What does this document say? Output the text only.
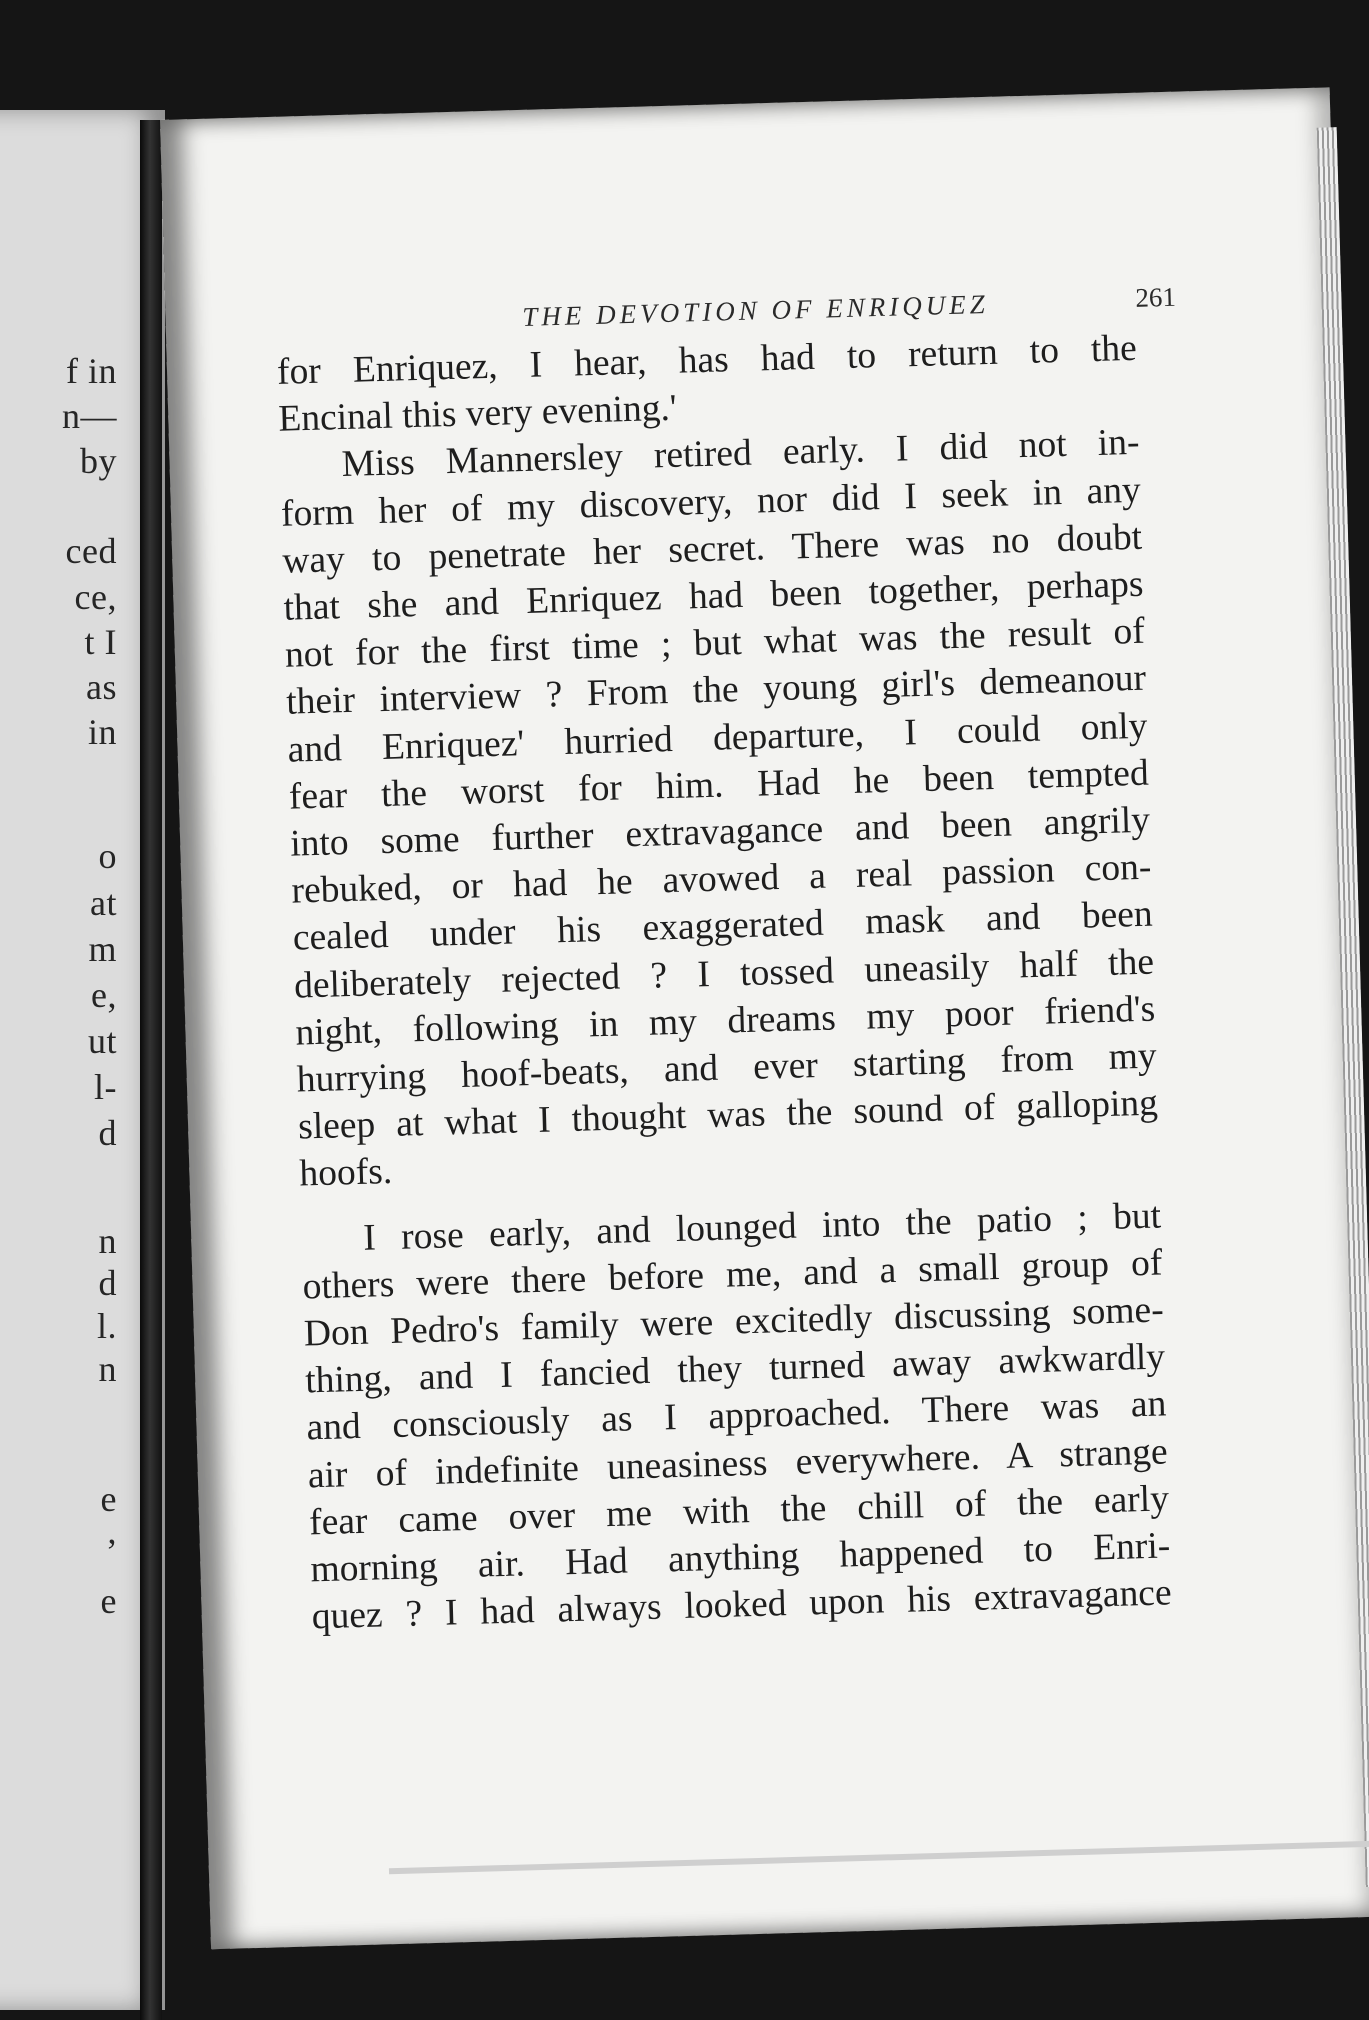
f in
n—
by
ced
ce,
t I
as
in
o
at
m
e,
ut
l-
d
n
d
l.
n
e
,
e
THE DEVOTION OF ENRIQUEZ	261
for Enriquez, I hear, has had to return to the
Encinal this very evening.'
Miss Mannersley retired early. I did not in-
form her of my discovery, nor did I seek in any
way to penetrate her secret. There was no doubt
that she and Enriquez had been together, perhaps
not for the first time ; but what was the result of
their interview ? From the young girl's demeanour
and Enriquez' hurried departure, I could only
fear the worst for him. Had he been tempted
into some further extravagance and been angrily
rebuked, or had he avowed a real passion con-
cealed under his exaggerated mask and been
deliberately rejected ? I tossed uneasily half the
night, following in my dreams my poor friend's
hurrying hoof-beats, and ever starting from my
sleep at what I thought was the sound of galloping
hoofs.
I rose early, and lounged into the patio ; but
others were there before me, and a small group of
Don Pedro's family were excitedly discussing some-
thing, and I fancied they turned away awkwardly
and consciously as I approached. There was an
air of indefinite uneasiness everywhere. A strange
fear came over me with the chill of the early
morning air. Had anything happened to Enri-
quez ? I had always looked upon his extravagance
